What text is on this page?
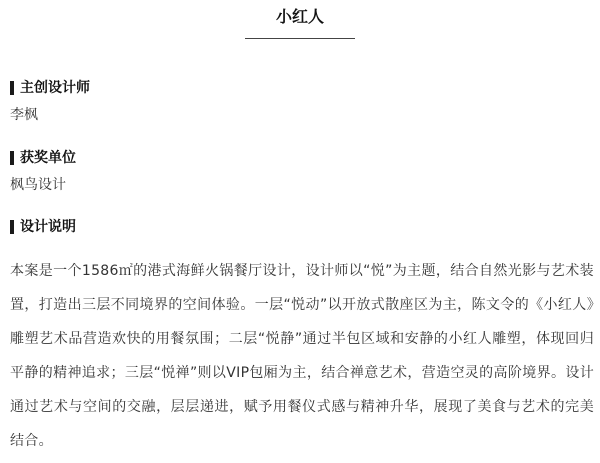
小红人
主创设计师
李枫
获奖单位
枫鸟设计
设计说明
本案是一个1586㎡的港式海鲜火锅餐厅设计，设计师以“悦”为主题，结合自然光影与艺术装置，打造出三层不同境界的空间体验。一层“悦动”以开放式散座区为主，陈文令的《小红人》雕塑艺术品营造欢快的用餐氛围；二层“悦静”通过半包区域和安静的小红人雕塑，体现回归平静的精神追求；三层“悦禅”则以VIP包厢为主，结合禅意艺术，营造空灵的高阶境界。设计通过艺术与空间的交融，层层递进，赋予用餐仪式感与精神升华，展现了美食与艺术的完美结合。
